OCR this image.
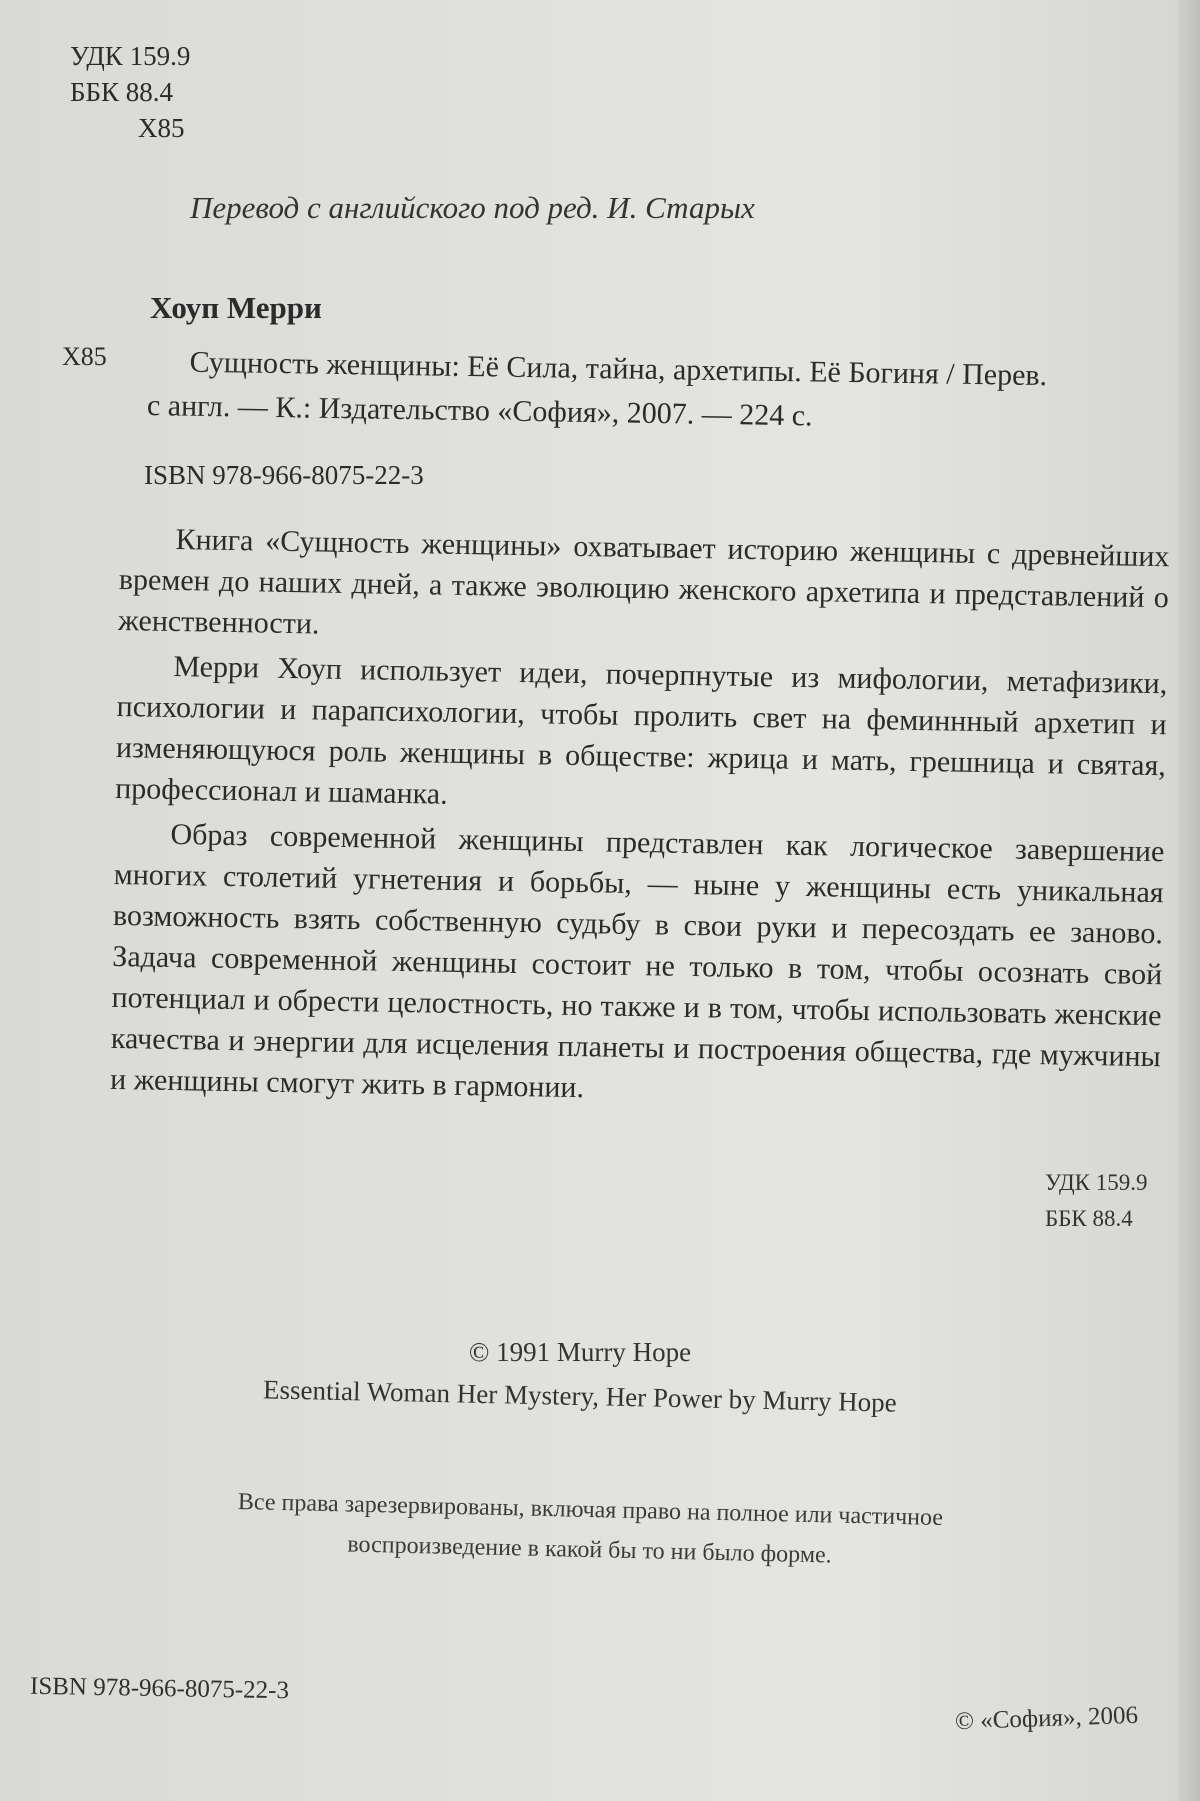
УДК 159.9
ББК 88.4
Х85
Перевод с английского под ред. И. Старых
Хоуп Мерри
Х85	Сущность женщины: Её Сила, тайна, архетипы. Её Богиня / Перев.
с англ. — К.: Издательство «София», 2007. — 224 с.
ISBN 978-966-8075-22-3

Книга «Сущность женщины» охватывает историю женщины с древнейших времен до наших дней, а также эволюцию женского архетипа и представлений о женственности.

Мерри Хоуп использует идеи, почерпнутые из мифологии, метафизики, психологии и парапсихологии, чтобы пролить свет на феминнный архетип и изменяющуюся роль женщины в обществе: жрица и мать, грешница и святая, профессионал и шаманка.

Образ современной женщины представлен как логическое завершение многих столетий угнетения и борьбы, — ныне у женщины есть уникальная возможность взять собственную судьбу в свои руки и пересоздать ее заново. Задача современной женщины состоит не только в том, чтобы осознать свой потенциал и обрести целостность, но также и в том, чтобы использовать женские качества и энергии для исцеления планеты и построения общества, где мужчины и женщины смогут жить в гармонии.

УДК 159.9
ББК 88.4
© 1991 Murry Hope
Essential Woman Her Mystery, Her Power by Murry Hope
Все права зарезервированы, включая право на полное или частичное
воспроизведение в какой бы то ни было форме.
ISBN 978-966-8075-22-3
© «София», 2006
